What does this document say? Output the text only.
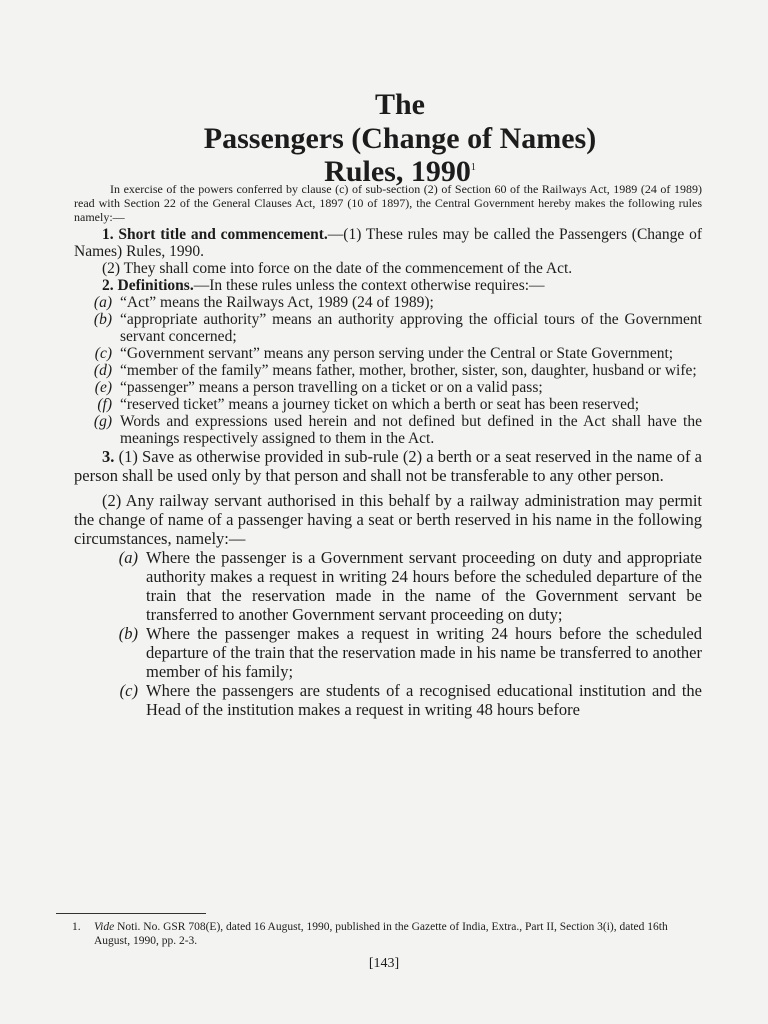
The
Passengers (Change of Names)
Rules, 1990$^1$

In exercise of the powers conferred by clause (c) of sub-section (2) of Section 60 of the Railways Act, 1989 (24 of 1989) read with Section 22 of the General Clauses Act, 1897 (10 of 1897), the Central Government hereby makes the following rules namely:—

1. Short title and commencement.—(1) These rules may be called the Passengers (Change of Names) Rules, 1990.

(2) They shall come into force on the date of the commencement of the Act.

2. Definitions.—In these rules unless the context otherwise requires:—

(a) “Act” means the Railways Act, 1989 (24 of 1989);
(b) “appropriate authority” means an authority approving the official tours of the Government servant concerned;
(c) “Government servant” means any person serving under the Central or State Government;
(d) “member of the family” means father, mother, brother, sister, son, daughter, husband or wife;
(e) “passenger” means a person travelling on a ticket or on a valid pass;
(f) “reserved ticket” means a journey ticket on which a berth or seat has been reserved;
(g) Words and expressions used herein and not defined but defined in the Act shall have the meanings respectively assigned to them in the Act.

3. (1) Save as otherwise provided in sub-rule (2) a berth or a seat reserved in the name of a person shall be used only by that person and shall not be transferable to any other person.

(2) Any railway servant authorised in this behalf by a railway administration may permit the change of name of a passenger having a seat or berth reserved in his name in the following circumstances, namely:—

(a) Where the passenger is a Government servant proceeding on duty and appropriate authority makes a request in writing 24 hours before the scheduled departure of the train that the reservation made in the name of the Government servant be transferred to another Government servant proceeding on duty;
(b) Where the passenger makes a request in writing 24 hours before the scheduled departure of the train that the reservation made in his name be transferred to another member of his family;
(c) Where the passengers are students of a recognised educational institution and the Head of the institution makes a request in writing 48 hours before
1.	Vide Noti. No. GSR 708(E), dated 16 August, 1990, published in the Gazette of India, Extra., Part II, Section 3(i), dated 16th August, 1990, pp. 2-3.
[143]
